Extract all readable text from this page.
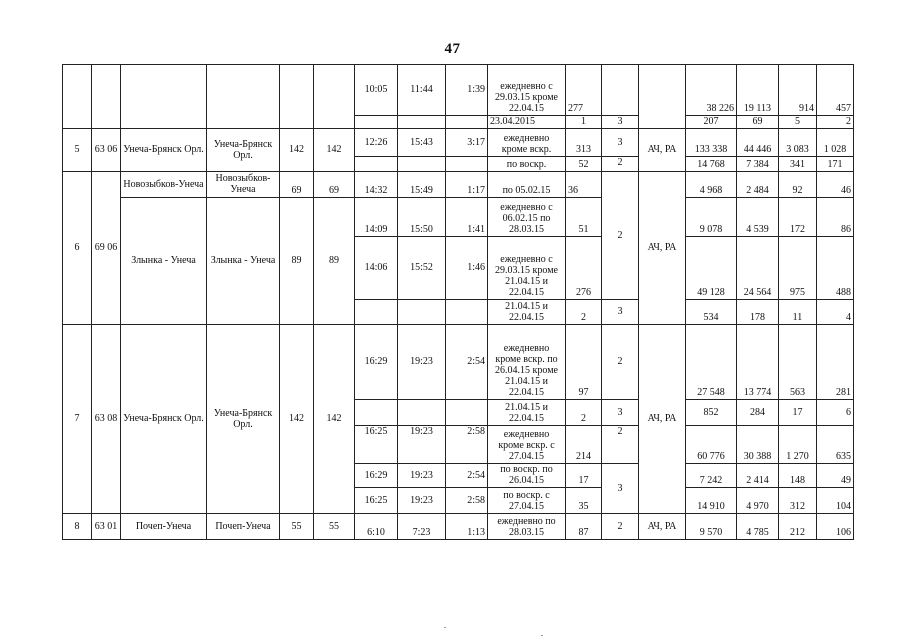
47
						10:05	11:44	1:39	ежедневно с 29.03.15 кроме 22.04.15	277			38 226	19 113	914	457
									23.04.2015	1	3		207	69	5	2
5	63 06	Унеча-Брянск Орл.	Унеча-Брянск Орл.	142	142	12:26	15:43	3:17	ежедневно кроме вскр.	313	3	АЧ, РА	133 338	44 446	3 083	1 028
									по воскр.	52	2		14 768	7 384	341	171
6	69 06	Новозыбков-Унеча	Новозыбков-Унеча	69	69	14:32	15:49	1:17	по 05.02.15	36	2	АЧ, РА	4 968	2 484	92	46
		Злынка - Унеча	Злынка - Унеча	89	89	14:09	15:50	1:41	ежедневно с 06.02.15 по 28.03.15	51			9 078	4 539	172	86
						14:06	15:52	1:46	ежедневно с 29.03.15 кроме 21.04.15 и 22.04.15	276			49 128	24 564	975	488
									21.04.15 и 22.04.15	2	3		534	178	11	4
7	63 08	Унеча-Брянск Орл.	Унеча-Брянск Орл.	142	142	16:29	19:23	2:54	ежедневно кроме вскр. по 26.04.15 кроме 21.04.15 и 22.04.15	97	2	АЧ, РА	27 548	13 774	563	281
									21.04.15 и 22.04.15	2	3		852	284	17	6
						16:25	19:23	2:58	ежедневно кроме вскр. с 27.04.15	214	2		60 776	30 388	1 270	635
						16:29	19:23	2:54	по воскр. по 26.04.15	17	3		7 242	2 414	148	49
						16:25	19:23	2:58	по воскр. с 27.04.15	35			14 910	4 970	312	104
8	63 01	Почеп-Унеча	Почеп-Унеча	55	55	6:10	7:23	1:13	ежедневно по 28.03.15	87	2	АЧ, РА	9 570	4 785	212	106
